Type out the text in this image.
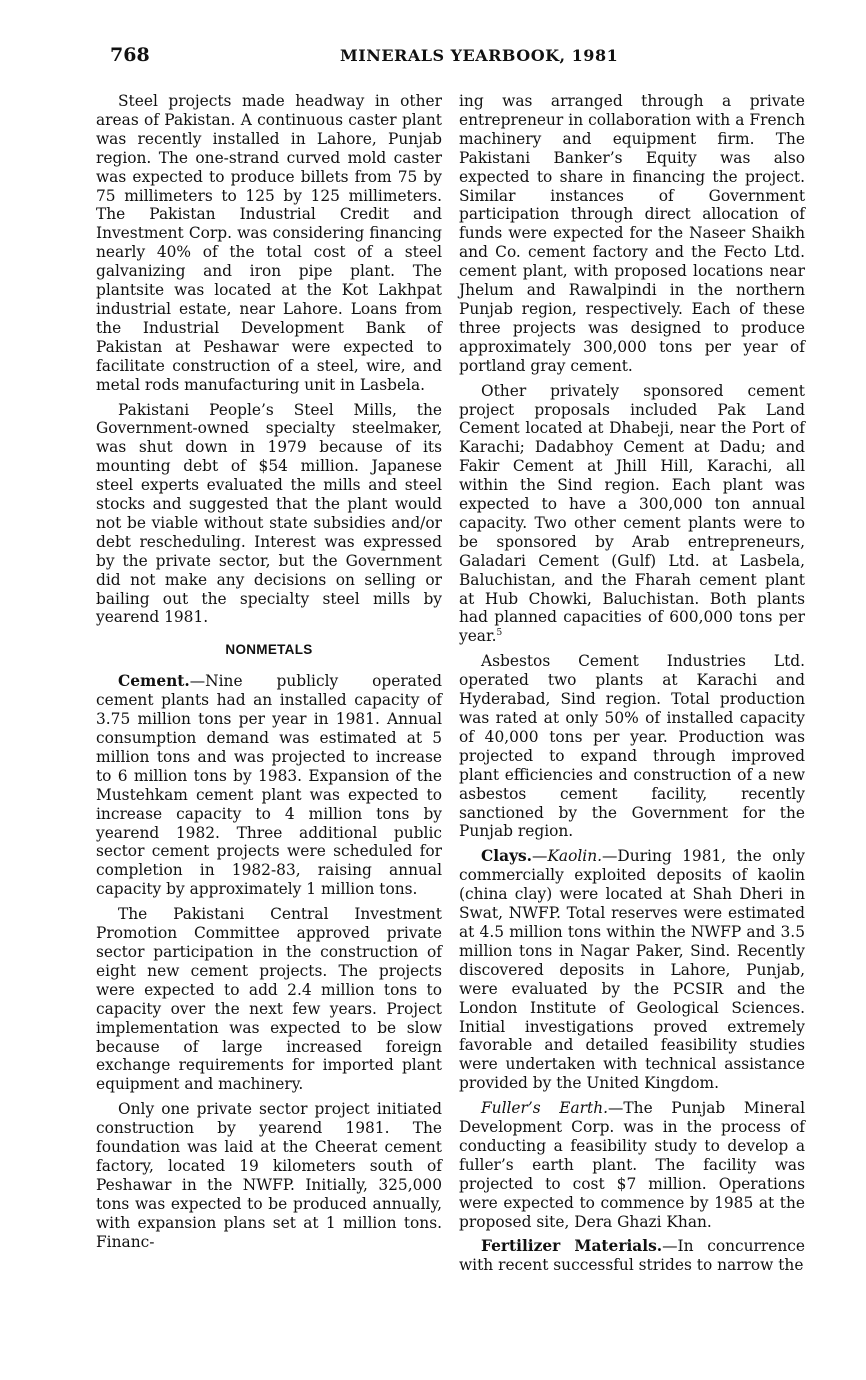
768	MINERALS YEARBOOK, 1981

Steel projects made headway in other areas of Pakistan. A continuous caster plant was recently installed in Lahore, Punjab region. The one-strand curved mold caster was expected to produce billets from 75 by 75 millimeters to 125 by 125 millimeters. The Pakistan Industrial Credit and Investment Corp. was considering financing nearly 40% of the total cost of a steel galvanizing and iron pipe plant. The plantsite was located at the Kot Lakhpat industrial estate, near Lahore. Loans from the Industrial Development Bank of Pakistan at Peshawar were expected to facilitate construction of a steel, wire, and metal rods manufacturing unit in Lasbela.

Pakistani People’s Steel Mills, the Government-owned specialty steelmaker, was shut down in 1979 because of its mounting debt of $54 million. Japanese steel experts evaluated the mills and steel stocks and suggested that the plant would not be viable without state subsidies and/or debt rescheduling. Interest was expressed by the private sector, but the Government did not make any decisions on selling or bailing out the specialty steel mills by yearend 1981.

NONMETALS

Cement.—Nine publicly operated cement plants had an installed capacity of 3.75 million tons per year in 1981. Annual consumption demand was estimated at 5 million tons and was projected to increase to 6 million tons by 1983. Expansion of the Mustehkam cement plant was expected to increase capacity to 4 million tons by yearend 1982. Three additional public sector cement projects were scheduled for completion in 1982-83, raising annual capacity by approximately 1 million tons.

The Pakistani Central Investment Promotion Committee approved private sector participation in the construction of eight new cement projects. The projects were expected to add 2.4 million tons to capacity over the next few years. Project implementation was expected to be slow because of large increased foreign exchange requirements for imported plant equipment and machinery.

Only one private sector project initiated construction by yearend 1981. The foundation was laid at the Cheerat cement factory, located 19 kilometers south of Peshawar in the NWFP. Initially, 325,000 tons was expected to be produced annually, with expansion plans set at 1 million tons. Financ-

ing was arranged through a private entrepreneur in collaboration with a French machinery and equipment firm. The Pakistani Banker’s Equity was also expected to share in financing the project. Similar instances of Government participation through direct allocation of funds were expected for the Naseer Shaikh and Co. cement factory and the Fecto Ltd. cement plant, with proposed locations near Jhelum and Rawalpindi in the northern Punjab region, respectively. Each of these three projects was designed to produce approximately 300,000 tons per year of portland gray cement.

Other privately sponsored cement project proposals included Pak Land Cement located at Dhabeji, near the Port of Karachi; Dadabhoy Cement at Dadu; and Fakir Cement at Jhill Hill, Karachi, all within the Sind region. Each plant was expected to have a 300,000 ton annual capacity. Two other cement plants were to be sponsored by Arab entrepreneurs, Galadari Cement (Gulf) Ltd. at Lasbela, Baluchistan, and the Fharah cement plant at Hub Chowki, Baluchistan. Both plants had planned capacities of 600,000 tons per year.$^5$

Asbestos Cement Industries Ltd. operated two plants at Karachi and Hyderabad, Sind region. Total production was rated at only 50% of installed capacity of 40,000 tons per year. Production was projected to expand through improved plant efficiencies and construction of a new asbestos cement facility, recently sanctioned by the Government for the Punjab region.

Clays.—Kaolin.—During 1981, the only commercially exploited deposits of kaolin (china clay) were located at Shah Dheri in Swat, NWFP. Total reserves were estimated at 4.5 million tons within the NWFP and 3.5 million tons in Nagar Paker, Sind. Recently discovered deposits in Lahore, Punjab, were evaluated by the PCSIR and the London Institute of Geological Sciences. Initial investigations proved extremely favorable and detailed feasibility studies were undertaken with technical assistance provided by the United Kingdom.

Fuller’s Earth.—The Punjab Mineral Development Corp. was in the process of conducting a feasibility study to develop a fuller’s earth plant. The facility was projected to cost $7 million. Operations were expected to commence by 1985 at the proposed site, Dera Ghazi Khan.

Fertilizer Materials.—In concurrence with recent successful strides to narrow the
